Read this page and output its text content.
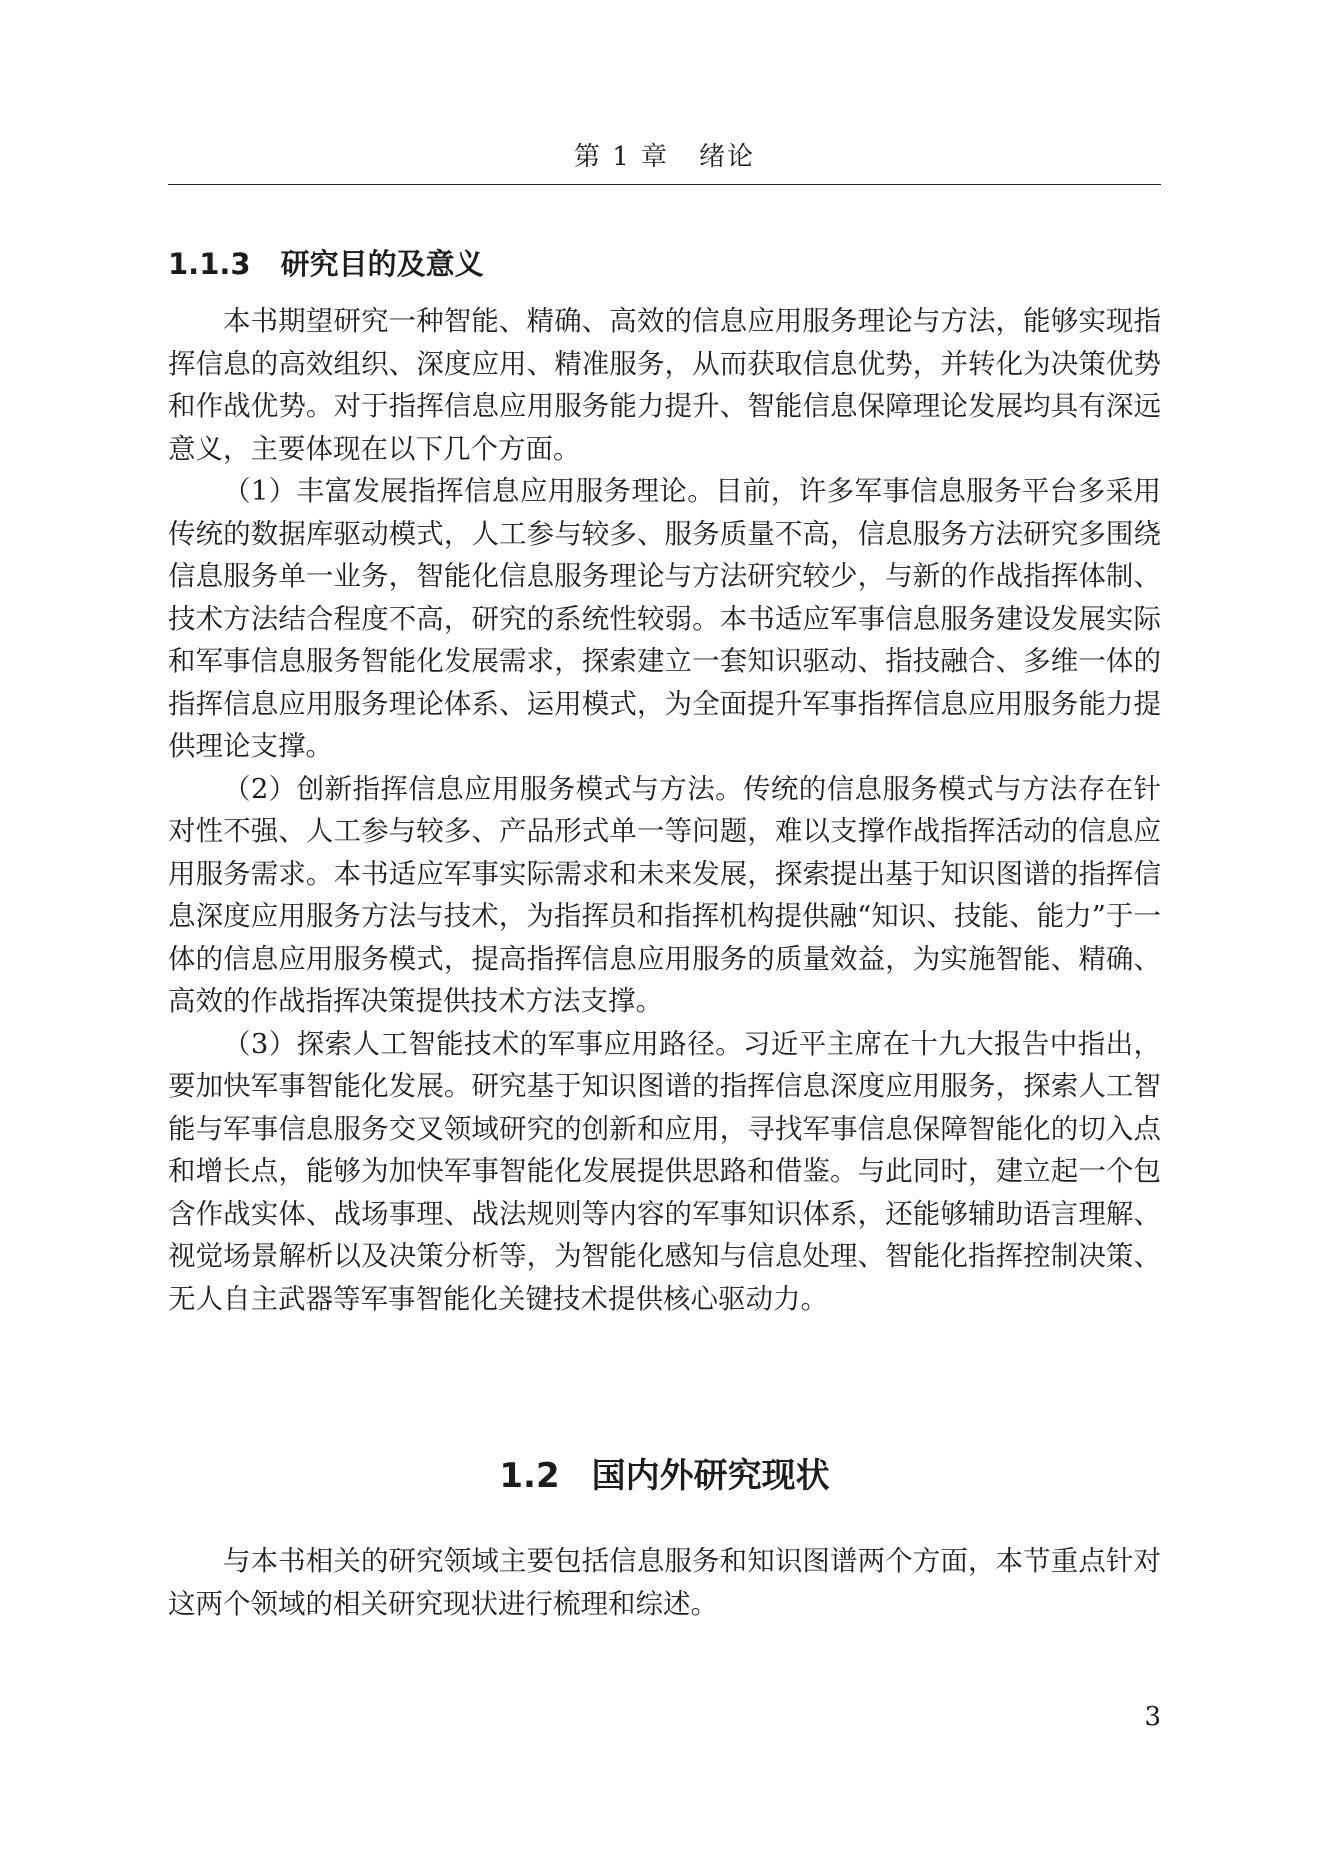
第 1 章 绪论
1.1.3 研究目的及意义

本书期望研究一种智能、精确、高效的信息应用服务理论与方法，能够实现指挥信息的高效组织、深度应用、精准服务，从而获取信息优势，并转化为决策优势和作战优势。对于指挥信息应用服务能力提升、智能信息保障理论发展均具有深远意义，主要体现在以下几个方面。

（1）丰富发展指挥信息应用服务理论。目前，许多军事信息服务平台多采用传统的数据库驱动模式，人工参与较多、服务质量不高，信息服务方法研究多围绕信息服务单一业务，智能化信息服务理论与方法研究较少，与新的作战指挥体制、技术方法结合程度不高，研究的系统性较弱。本书适应军事信息服务建设发展实际和军事信息服务智能化发展需求，探索建立一套知识驱动、指技融合、多维一体的指挥信息应用服务理论体系、运用模式，为全面提升军事指挥信息应用服务能力提供理论支撑。

（2）创新指挥信息应用服务模式与方法。传统的信息服务模式与方法存在针对性不强、人工参与较多、产品形式单一等问题，难以支撑作战指挥活动的信息应用服务需求。本书适应军事实际需求和未来发展，探索提出基于知识图谱的指挥信息深度应用服务方法与技术，为指挥员和指挥机构提供融“知识、技能、能力”于一体的信息应用服务模式，提高指挥信息应用服务的质量效益，为实施智能、精确、高效的作战指挥决策提供技术方法支撑。

（3）探索人工智能技术的军事应用路径。习近平主席在十九大报告中指出，要加快军事智能化发展。研究基于知识图谱的指挥信息深度应用服务，探索人工智能与军事信息服务交叉领域研究的创新和应用，寻找军事信息保障智能化的切入点和增长点，能够为加快军事智能化发展提供思路和借鉴。与此同时，建立起一个包含作战实体、战场事理、战法规则等内容的军事知识体系，还能够辅助语言理解、视觉场景解析以及决策分析等，为智能化感知与信息处理、智能化指挥控制决策、无人自主武器等军事智能化关键技术提供核心驱动力。

1.2 国内外研究现状

与本书相关的研究领域主要包括信息服务和知识图谱两个方面，本节重点针对这两个领域的相关研究现状进行梳理和综述。

3
